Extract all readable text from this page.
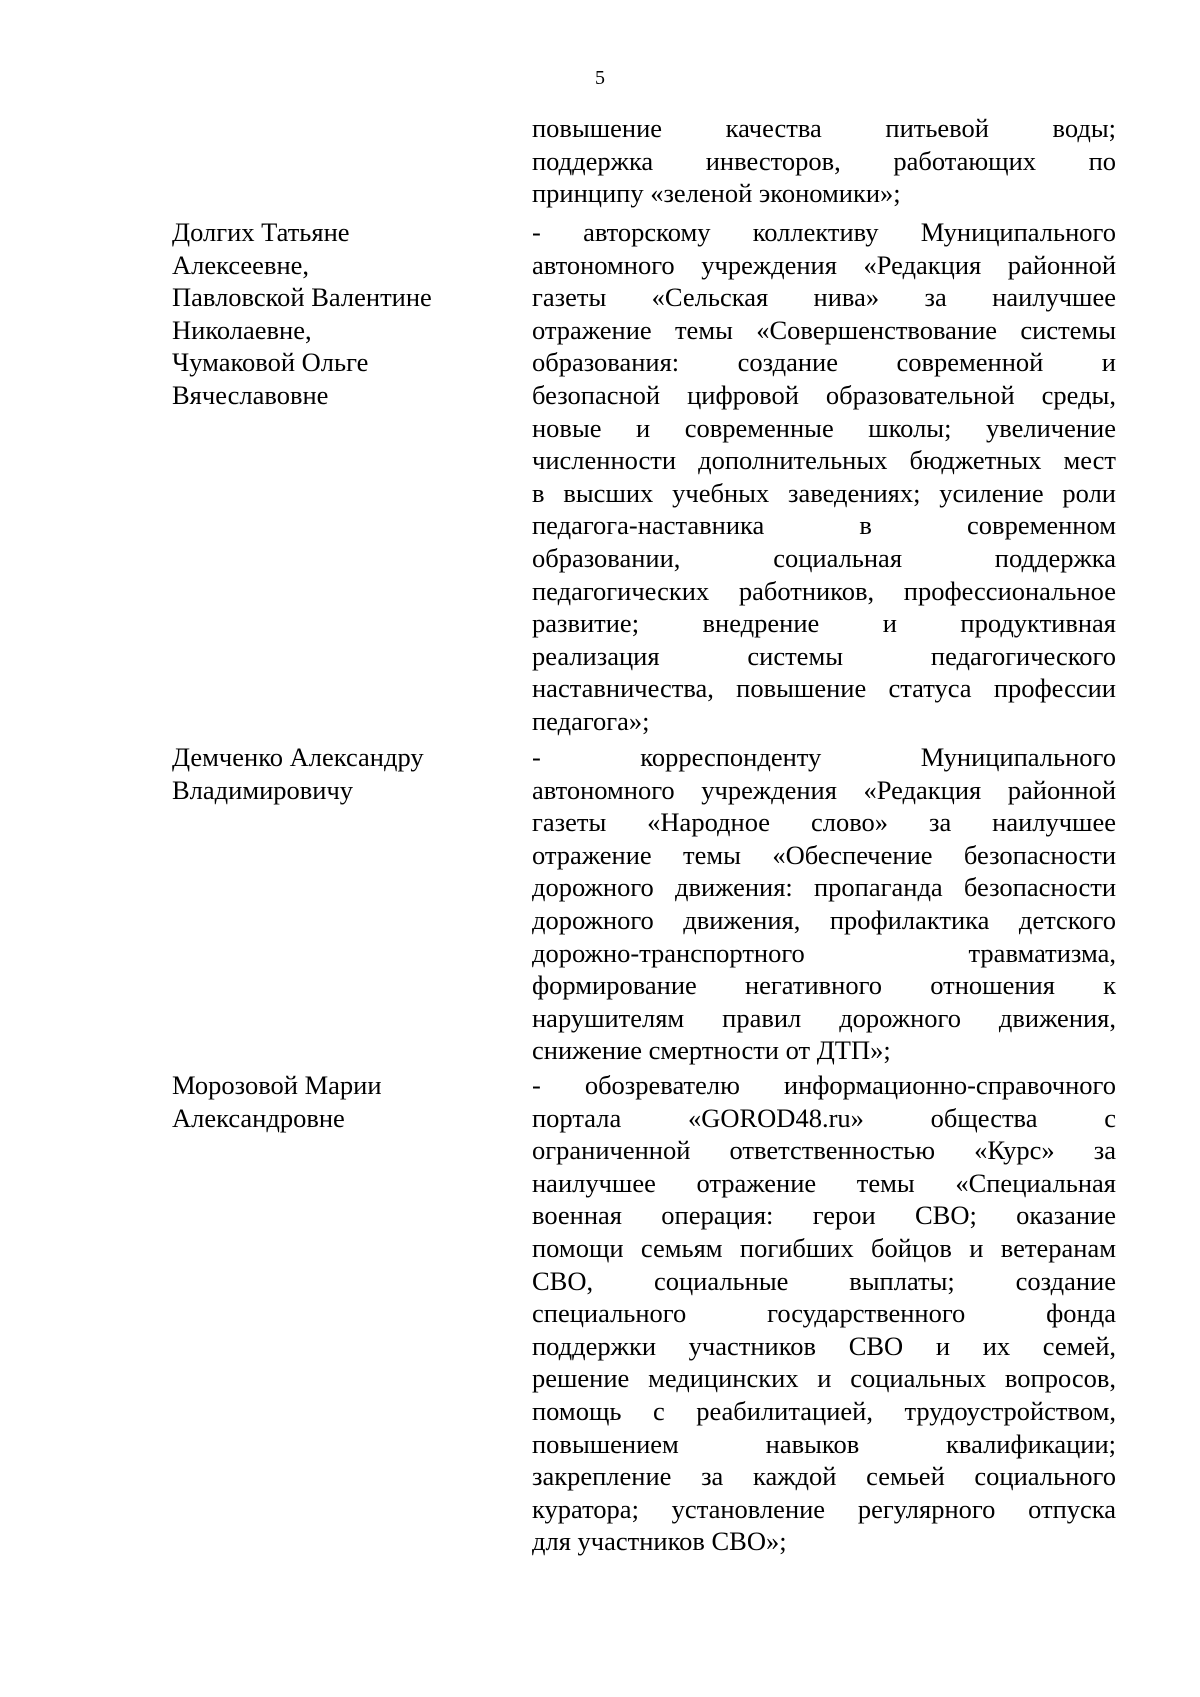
5
повышение качества питьевой воды;
поддержка инвесторов, работающих по
принципу «зеленой экономики»;
Долгих Татьяне
Алексеевне,
Павловской Валентине
Николаевне,
Чумаковой Ольге
Вячеславовне
- авторскому коллективу Муниципального
автономного учреждения «Редакция районной
газеты «Сельская нива» за наилучшее
отражение темы «Совершенствование системы
образования: создание современной и
безопасной цифровой образовательной среды,
новые и современные школы; увеличение
численности дополнительных бюджетных мест
в высших учебных заведениях; усиление роли
педагога-наставника в современном
образовании, социальная поддержка
педагогических работников, профессиональное
развитие; внедрение и продуктивная
реализация системы педагогического
наставничества, повышение статуса профессии
педагога»;
Демченко Александру
Владимировичу
- корреспонденту Муниципального
автономного учреждения «Редакция районной
газеты «Народное слово» за наилучшее
отражение темы «Обеспечение безопасности
дорожного движения: пропаганда безопасности
дорожного движения, профилактика детского
дорожно-транспортного травматизма,
формирование негативного отношения к
нарушителям правил дорожного движения,
снижение смертности от ДТП»;
Морозовой Марии
Александровне
- обозревателю информационно-справочного
портала «GOROD48.ru» общества с
ограниченной ответственностью «Курс» за
наилучшее отражение темы «Специальная
военная операция: герои СВО; оказание
помощи семьям погибших бойцов и ветеранам
СВО, социальные выплаты; создание
специального государственного фонда
поддержки участников СВО и их семей,
решение медицинских и социальных вопросов,
помощь с реабилитацией, трудоустройством,
повышением навыков квалификации;
закрепление за каждой семьей социального
куратора; установление регулярного отпуска
для участников СВО»;
